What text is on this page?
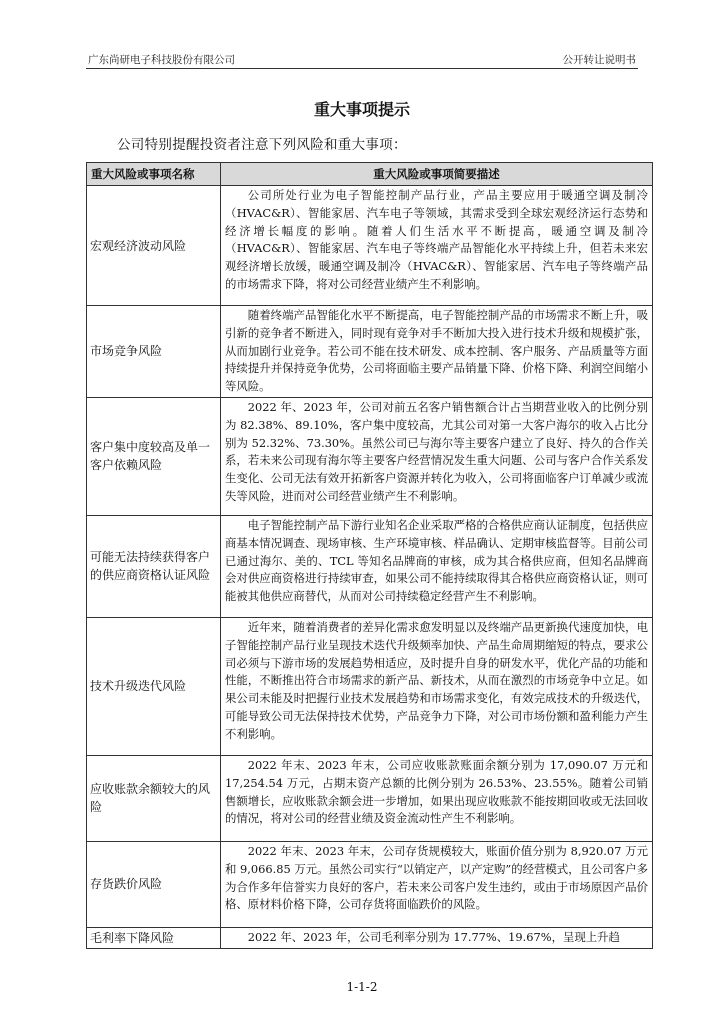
广东尚研电子科技股份有限公司	公开转让说明书
重大事项提示
公司特别提醒投资者注意下列风险和重大事项：
重大风险或事项名称	重大风险或事项简要描述
宏观经济波动风险	公司所处行业为电子智能控制产品行业，产品主要应用于暖通空调及制冷（HVAC&R）、智能家居、汽车电子等领域，其需求受到全球宏观经济运行态势和经济增长幅度的影响。随着人们生活水平不断提高，暖通空调及制冷（HVAC&R）、智能家居、汽车电子等终端产品智能化水平持续上升，但若未来宏观经济增长放缓，暖通空调及制冷（HVAC&R）、智能家居、汽车电子等终端产品的市场需求下降，将对公司经营业绩产生不利影响。
市场竞争风险	随着终端产品智能化水平不断提高，电子智能控制产品的市场需求不断上升，吸引新的竞争者不断进入，同时现有竞争对手不断加大投入进行技术升级和规模扩张，从而加剧行业竞争。若公司不能在技术研发、成本控制、客户服务、产品质量等方面持续提升并保持竞争优势，公司将面临主要产品销量下降、价格下降、利润空间缩小等风险。
客户集中度较高及单一客户依赖风险	2022 年、2023 年，公司对前五名客户销售额合计占当期营业收入的比例分别为 82.38%、89.10%，客户集中度较高，尤其公司对第一大客户海尔的收入占比分别为 52.32%、73.30%。虽然公司已与海尔等主要客户建立了良好、持久的合作关系，若未来公司现有海尔等主要客户经营情况发生重大问题、公司与客户合作关系发生变化、公司无法有效开拓新客户资源并转化为收入，公司将面临客户订单减少或流失等风险，进而对公司经营业绩产生不利影响。
可能无法持续获得客户的供应商资格认证风险	电子智能控制产品下游行业知名企业采取严格的合格供应商认证制度，包括供应商基本情况调查、现场审核、生产环境审核、样品确认、定期审核监督等。目前公司已通过海尔、美的、TCL 等知名品牌商的审核，成为其合格供应商，但知名品牌商会对供应商资格进行持续审查，如果公司不能持续取得其合格供应商资格认证，则可能被其他供应商替代，从而对公司持续稳定经营产生不利影响。
技术升级迭代风险	近年来，随着消费者的差异化需求愈发明显以及终端产品更新换代速度加快，电子智能控制产品行业呈现技术迭代升级频率加快、产品生命周期缩短的特点，要求公司必须与下游市场的发展趋势相适应，及时提升自身的研发水平，优化产品的功能和性能，不断推出符合市场需求的新产品、新技术，从而在激烈的市场竞争中立足。如果公司未能及时把握行业技术发展趋势和市场需求变化，有效完成技术的升级迭代，可能导致公司无法保持技术优势，产品竞争力下降，对公司市场份额和盈利能力产生不利影响。
应收账款余额较大的风险	2022 年末、2023 年末，公司应收账款账面余额分别为 17,090.07 万元和 17,254.54 万元，占期末资产总额的比例分别为 26.53%、23.55%。随着公司销售额增长，应收账款余额会进一步增加，如果出现应收账款不能按期回收或无法回收的情况，将对公司的经营业绩及资金流动性产生不利影响。
存货跌价风险	2022 年末、2023 年末，公司存货规模较大，账面价值分别为 8,920.07 万元和 9,066.85 万元。虽然公司实行“以销定产，以产定购”的经营模式，且公司客户多为合作多年信誉实力良好的客户，若未来公司客户发生违约，或由于市场原因产品价格、原材料价格下降，公司存货将面临跌价的风险。
毛利率下降风险	2022 年、2023 年，公司毛利率分别为 17.77%、19.67%，呈现上升趋
1-1-2
